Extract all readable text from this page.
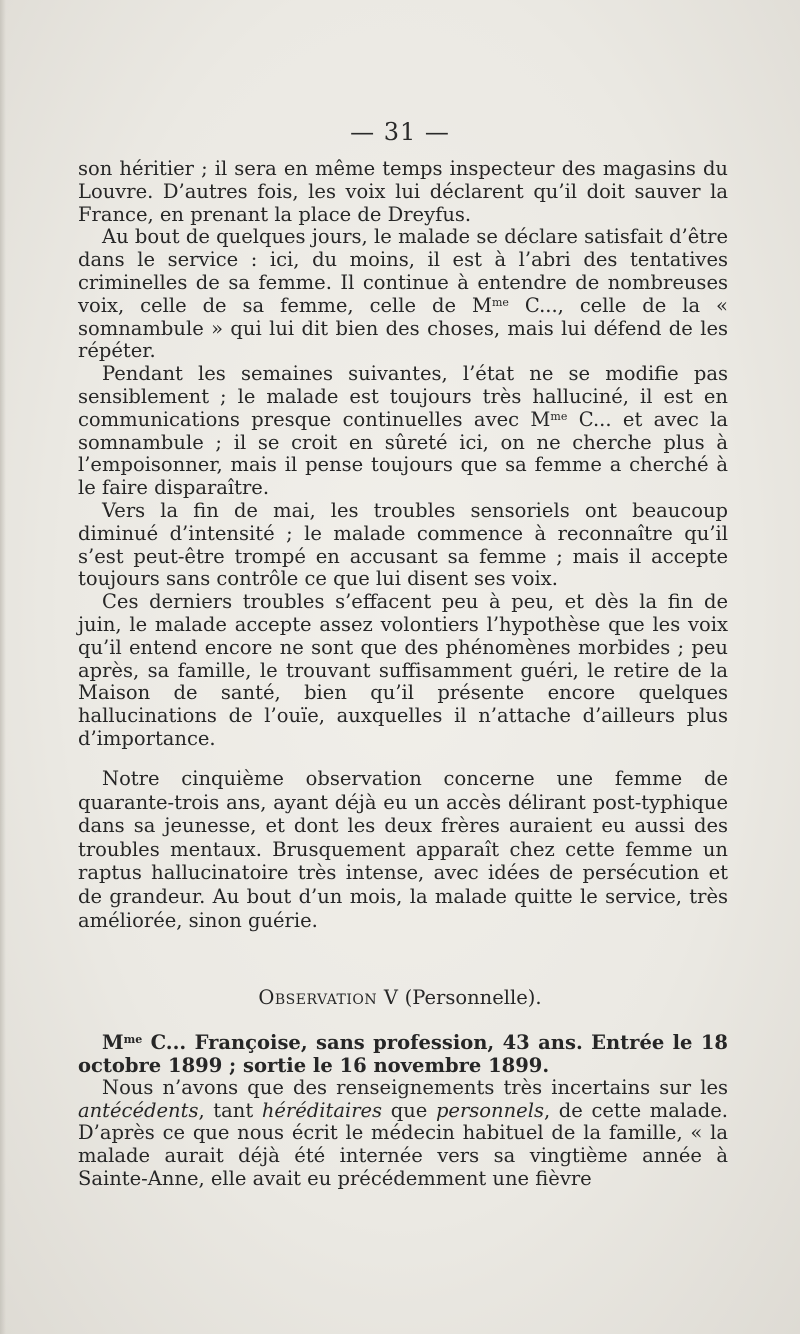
— 31 —

son héritier ; il sera en même temps inspecteur des magasins du Louvre. D’autres fois, les voix lui déclarent qu’il doit sauver la France, en prenant la place de Dreyfus.

Au bout de quelques jours, le malade se déclare satisfait d’être dans le service : ici, du moins, il est à l’abri des tentatives criminelles de sa femme. Il continue à entendre de nombreuses voix, celle de sa femme, celle de $M^{me}$ C..., celle de la « somnambule » qui lui dit bien des choses, mais lui défend de les répéter.

Pendant les semaines suivantes, l’état ne se modifie pas sensiblement ; le malade est toujours très halluciné, il est en communications presque continuelles avec $M^{me}$ C... et avec la somnambule ; il se croit en sûreté ici, on ne cherche plus à l’empoisonner, mais il pense toujours que sa femme a cherché à le faire disparaître.

Vers la fin de mai, les troubles sensoriels ont beaucoup diminué d’intensité ; le malade commence à reconnaître qu’il s’est peut-être trompé en accusant sa femme ; mais il accepte toujours sans contrôle ce que lui disent ses voix.

Ces derniers troubles s’effacent peu à peu, et dès la fin de juin, le malade accepte assez volontiers l’hypothèse que les voix qu’il entend encore ne sont que des phénomènes morbides ; peu après, sa famille, le trouvant suffisamment guéri, le retire de la Maison de santé, bien qu’il présente encore quelques hallucinations de l’ouïe, auxquelles il n’attache d’ailleurs plus d’importance.

Notre cinquième observation concerne une femme de quarante-trois ans, ayant déjà eu un accès délirant post-typhique dans sa jeunesse, et dont les deux frères auraient eu aussi des troubles mentaux. Brusquement apparaît chez cette femme un raptus hallucinatoire très intense, avec idées de persécution et de grandeur. Au bout d’un mois, la malade quitte le service, très améliorée, sinon guérie.

Observation V (Personnelle).

$M^{me}$ C... Françoise, sans profession, 43 ans. Entrée le 18 octobre 1899 ; sortie le 16 novembre 1899.

Nous n’avons que des renseignements très incertains sur les antécédents, tant héréditaires que personnels, de cette malade. D’après ce que nous écrit le médecin habituel de la famille, « la malade aurait déjà été internée vers sa vingtième année à Sainte-Anne, elle avait eu précédemment une fièvre
